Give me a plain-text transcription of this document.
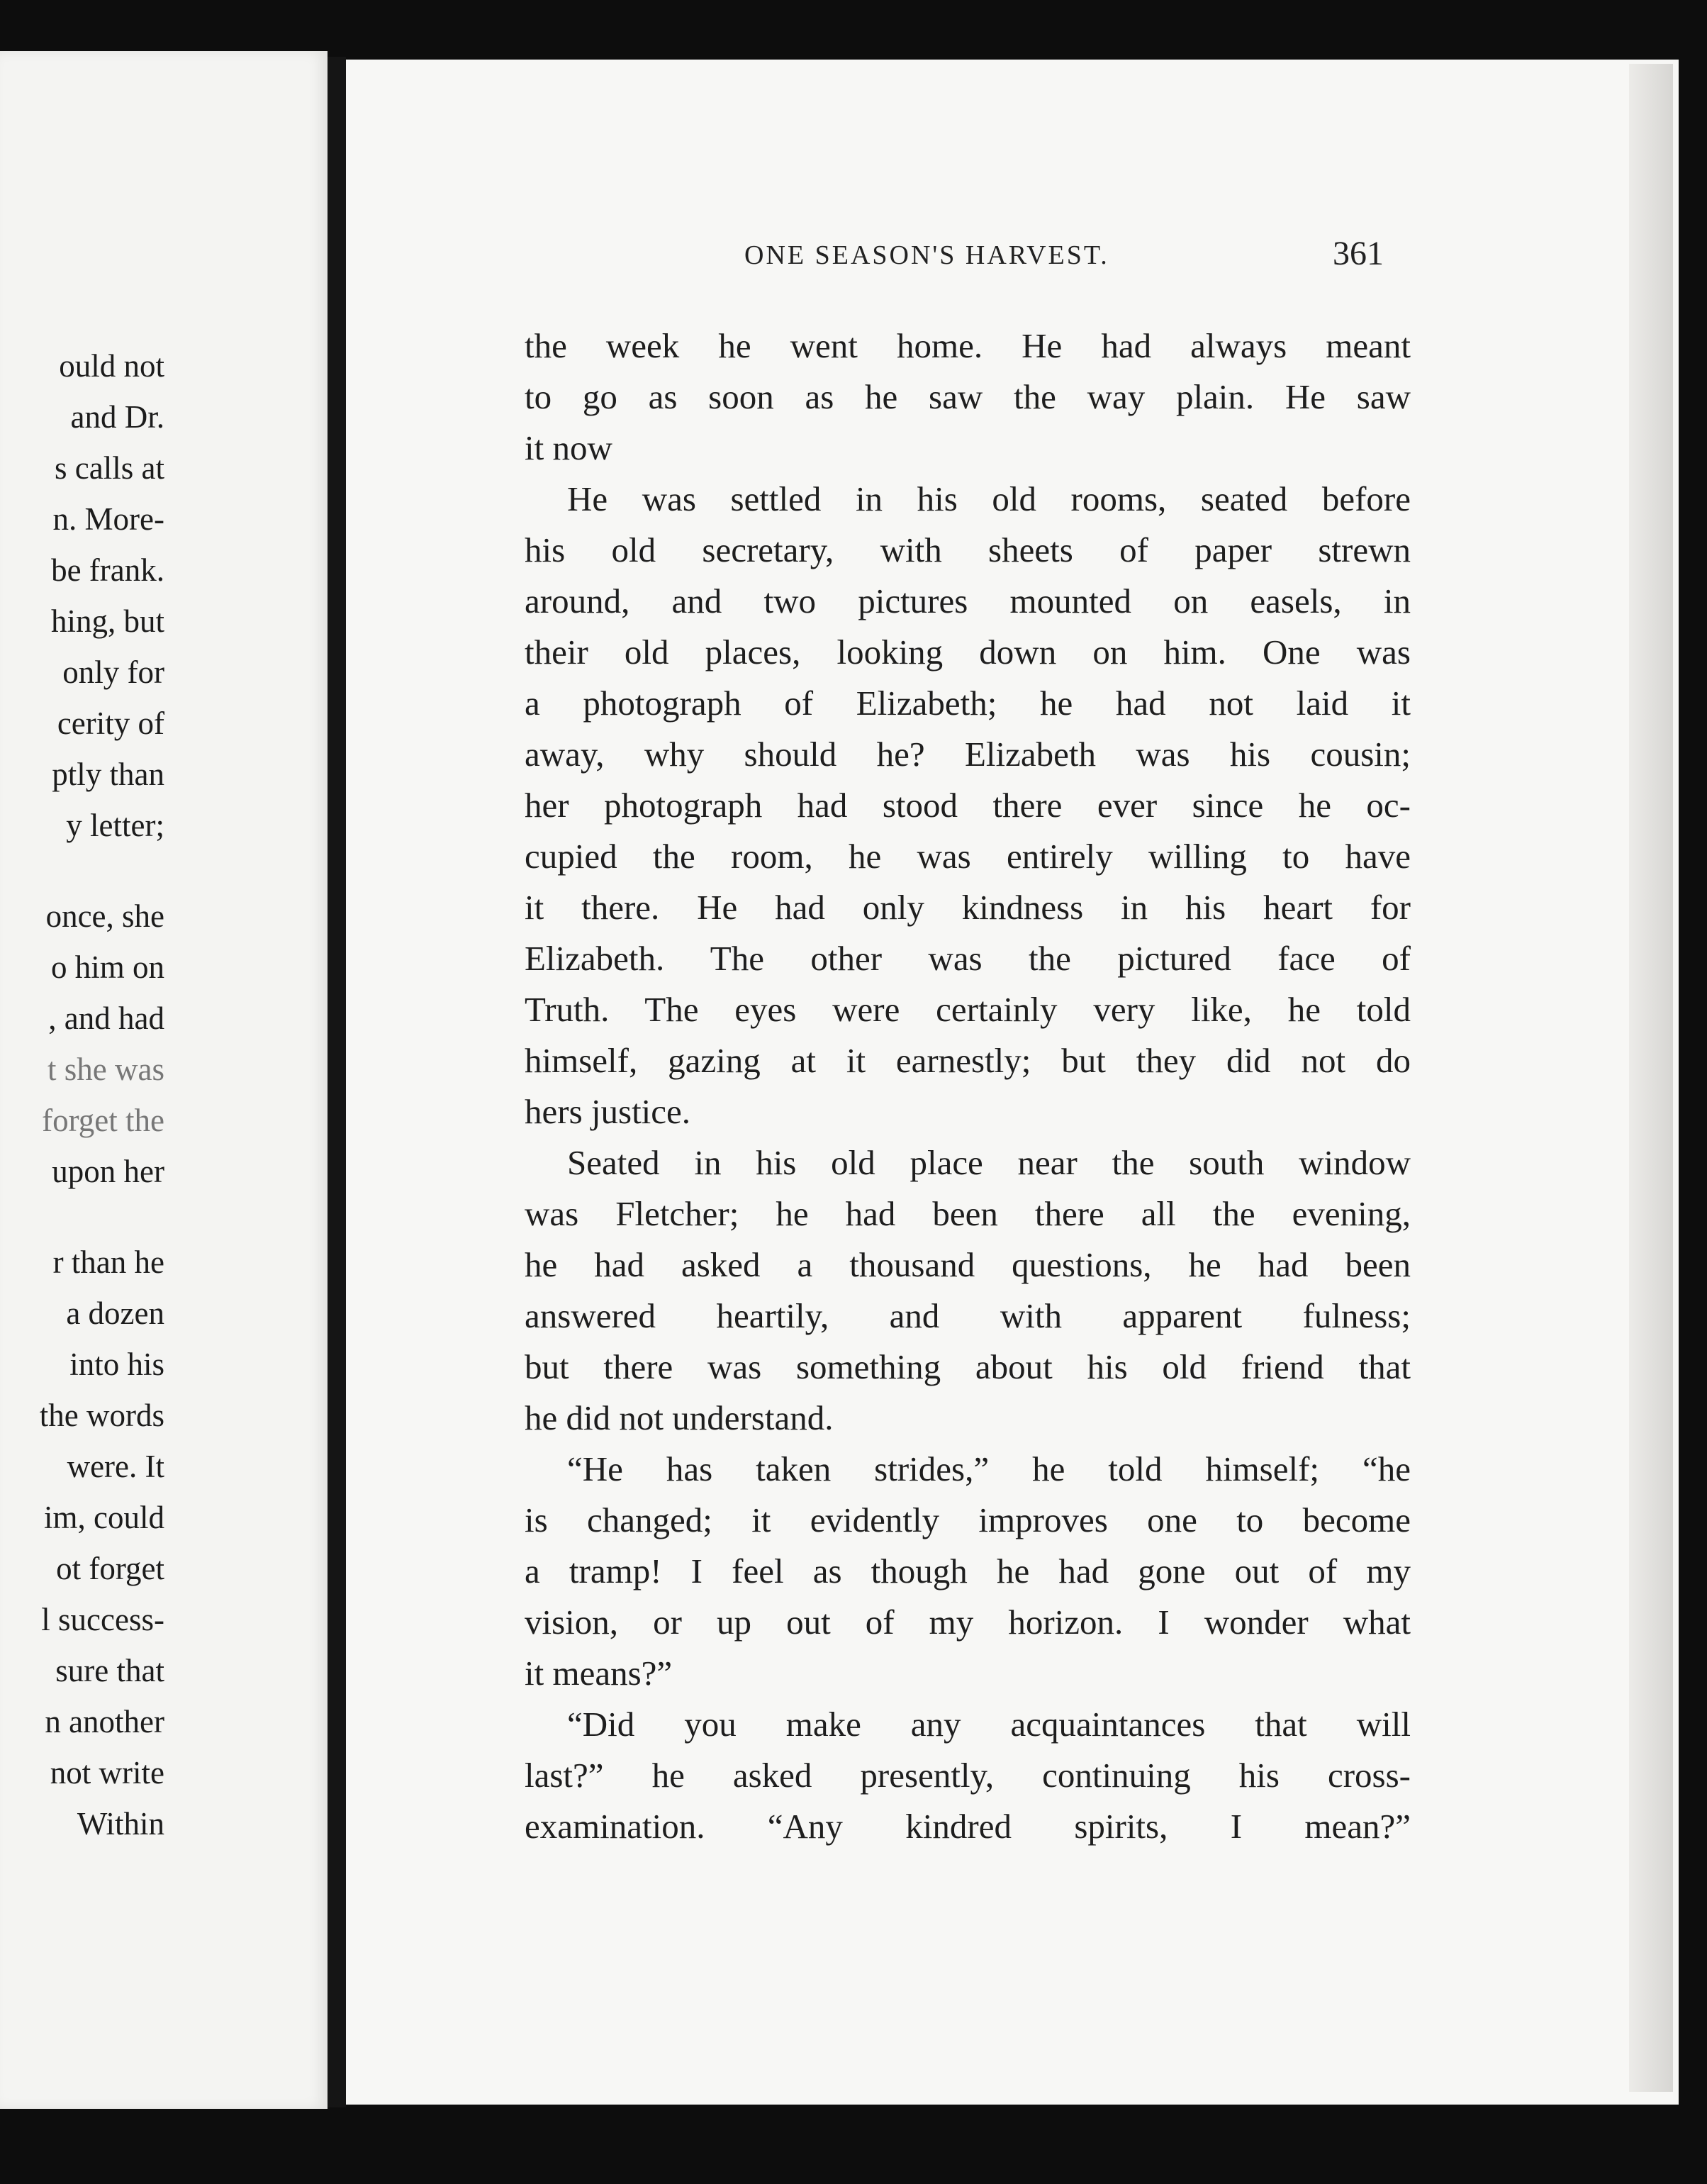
ould not
and Dr.
s calls at
n. More-
be frank.
hing, but
only for
cerity of
ptly than
y letter;
once, she
o him on
, and had
t she was
forget the
upon her
r than he
a dozen
into his
the words
were. It
im, could
ot forget
l success-
sure that
n another
not write
Within
ONE SEASON'S HARVEST.	361
the week he went home. He had always meant
to go as soon as he saw the way plain. He saw
it now
He was settled in his old rooms, seated before
his old secretary, with sheets of paper strewn
around, and two pictures mounted on easels, in
their old places, looking down on him. One was
a photograph of Elizabeth; he had not laid it
away, why should he? Elizabeth was his cousin;
her photograph had stood there ever since he oc-
cupied the room, he was entirely willing to have
it there. He had only kindness in his heart for
Elizabeth. The other was the pictured face of
Truth. The eyes were certainly very like, he told
himself, gazing at it earnestly; but they did not do
hers justice.
Seated in his old place near the south window
was Fletcher; he had been there all the evening,
he had asked a thousand questions, he had been
answered heartily, and with apparent fulness;
but there was something about his old friend that
he did not understand.
“He has taken strides,” he told himself; “he
is changed; it evidently improves one to become
a tramp! I feel as though he had gone out of my
vision, or up out of my horizon. I wonder what
it means?”
“Did you make any acquaintances that will
last?” he asked presently, continuing his cross-
examination. “Any kindred spirits, I mean?”
